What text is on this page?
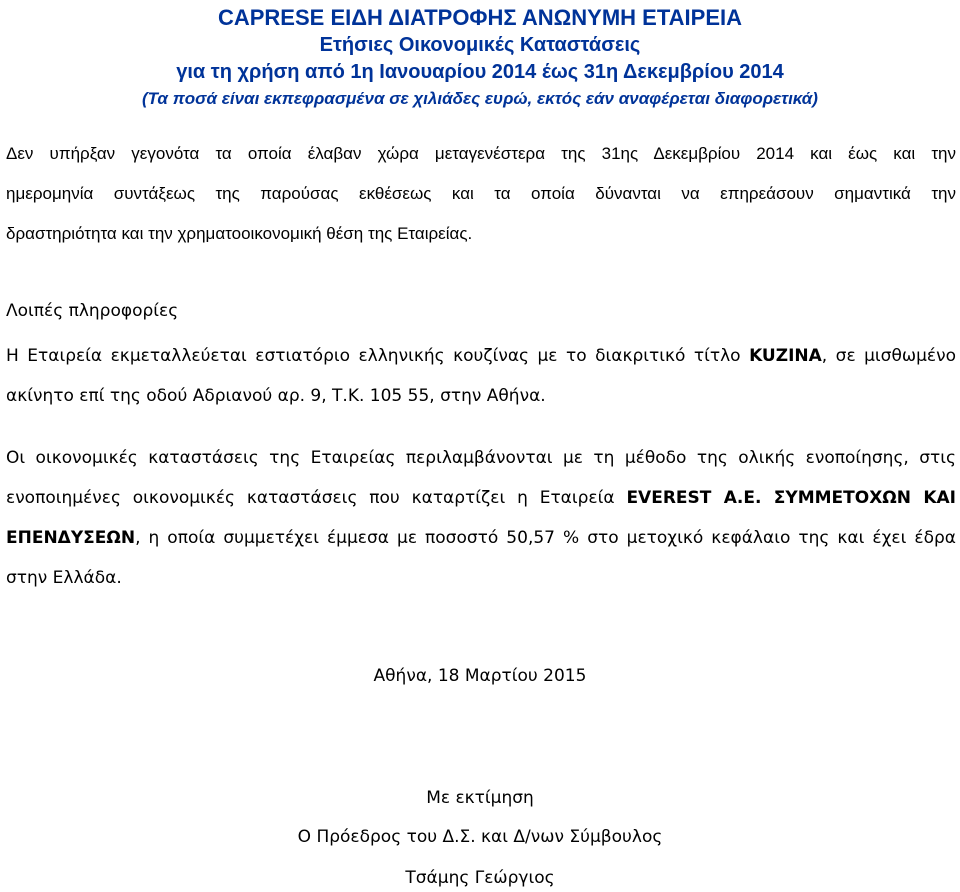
CAPRESE ΕΙΔΗ ΔΙΑΤΡΟΦΗΣ ΑΝΩΝΥΜΗ ΕΤΑΙΡΕΙΑ
Ετήσιες Οικονομικές Καταστάσεις
για τη χρήση από 1η Ιανουαρίου 2014 έως 31η Δεκεμβρίου 2014
(Τα ποσά είναι εκπεφρασμένα σε χιλιάδες ευρώ, εκτός εάν αναφέρεται διαφορετικά)
Δεν υπήρξαν γεγονότα τα οποία έλαβαν χώρα μεταγενέστερα της 31ης Δεκεμβρίου 2014 και έως και την
ημερομηνία συντάξεως της παρούσας εκθέσεως και τα οποία δύνανται να επηρεάσουν σημαντικά την
δραστηριότητα και την χρηματοοικονομική θέση της Εταιρείας.
Λοιπές πληροφορίες
Η Εταιρεία εκμεταλλεύεται εστιατόριο ελληνικής κουζίνας με το διακριτικό τίτλο KUZINA, σε μισθωμένο
ακίνητο επί της οδού Αδριανού αρ. 9, Τ.Κ. 105 55, στην Αθήνα.
Οι οικονομικές καταστάσεις της Εταιρείας περιλαμβάνονται με τη μέθοδο της ολικής ενοποίησης, στις
ενοποιημένες οικονομικές καταστάσεις που καταρτίζει η Εταιρεία EVEREST Α.Ε. ΣΥΜΜΕΤΟΧΩΝ ΚΑΙ
ΕΠΕΝΔΥΣΕΩΝ, η οποία συμμετέχει έμμεσα με ποσοστό 50,57 % στο μετοχικό κεφάλαιο της και έχει έδρα
στην Ελλάδα.
Αθήνα, 18 Μαρτίου 2015
Με εκτίμηση
Ο Πρόεδρος του Δ.Σ. και Δ/νων Σύμβουλος
Τσάμης Γεώργιος
